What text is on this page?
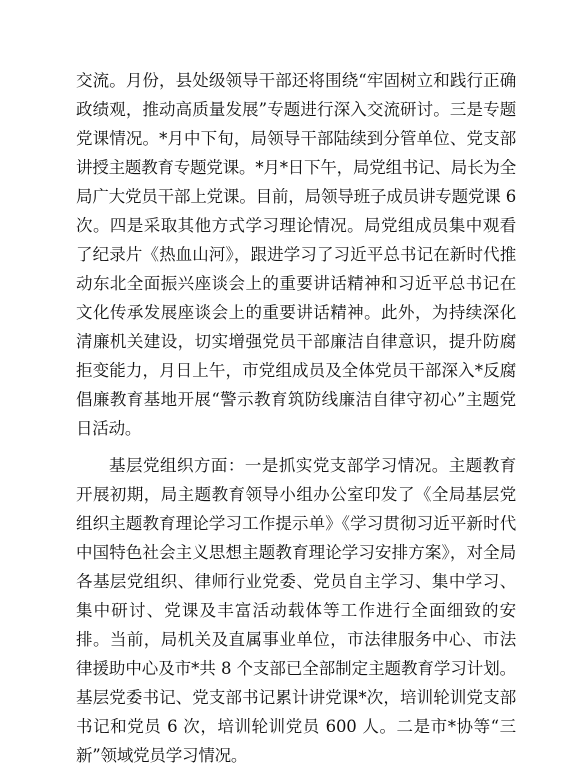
交流。月份，县处级领导干部还将围绕“牢固树立和践行正确政绩观，推动高质量发展”专题进行深入交流研讨。三是专题党课情况。*月中下旬，局领导干部陆续到分管单位、党支部讲授主题教育专题党课。*月*日下午，局党组书记、局长为全局广大党员干部上党课。目前，局领导班子成员讲专题党课 6 次。四是采取其他方式学习理论情况。局党组成员集中观看了纪录片《热血山河》，跟进学习了习近平总书记在新时代推动东北全面振兴座谈会上的重要讲话精神和习近平总书记在文化传承发展座谈会上的重要讲话精神。此外，为持续深化清廉机关建设，切实增强党员干部廉洁自律意识，提升防腐拒变能力，月日上午，市党组成员及全体党员干部深入*反腐倡廉教育基地开展“警示教育筑防线廉洁自律守初心”主题党日活动。

基层党组织方面：一是抓实党支部学习情况。主题教育开展初期，局主题教育领导小组办公室印发了《全局基层党组织主题教育理论学习工作提示单》《学习贯彻习近平新时代中国特色社会主义思想主题教育理论学习安排方案》，对全局各基层党组织、律师行业党委、党员自主学习、集中学习、集中研讨、党课及丰富活动载体等工作进行全面细致的安排。当前，局机关及直属事业单位，市法律服务中心、市法律援助中心及市*共 8 个支部已全部制定主题教育学习计划。基层党委书记、党支部书记累计讲党课*次，培训轮训党支部书记和党员 6 次，培训轮训党员 600 人。二是市*协等“三新”领域党员学习情况。
